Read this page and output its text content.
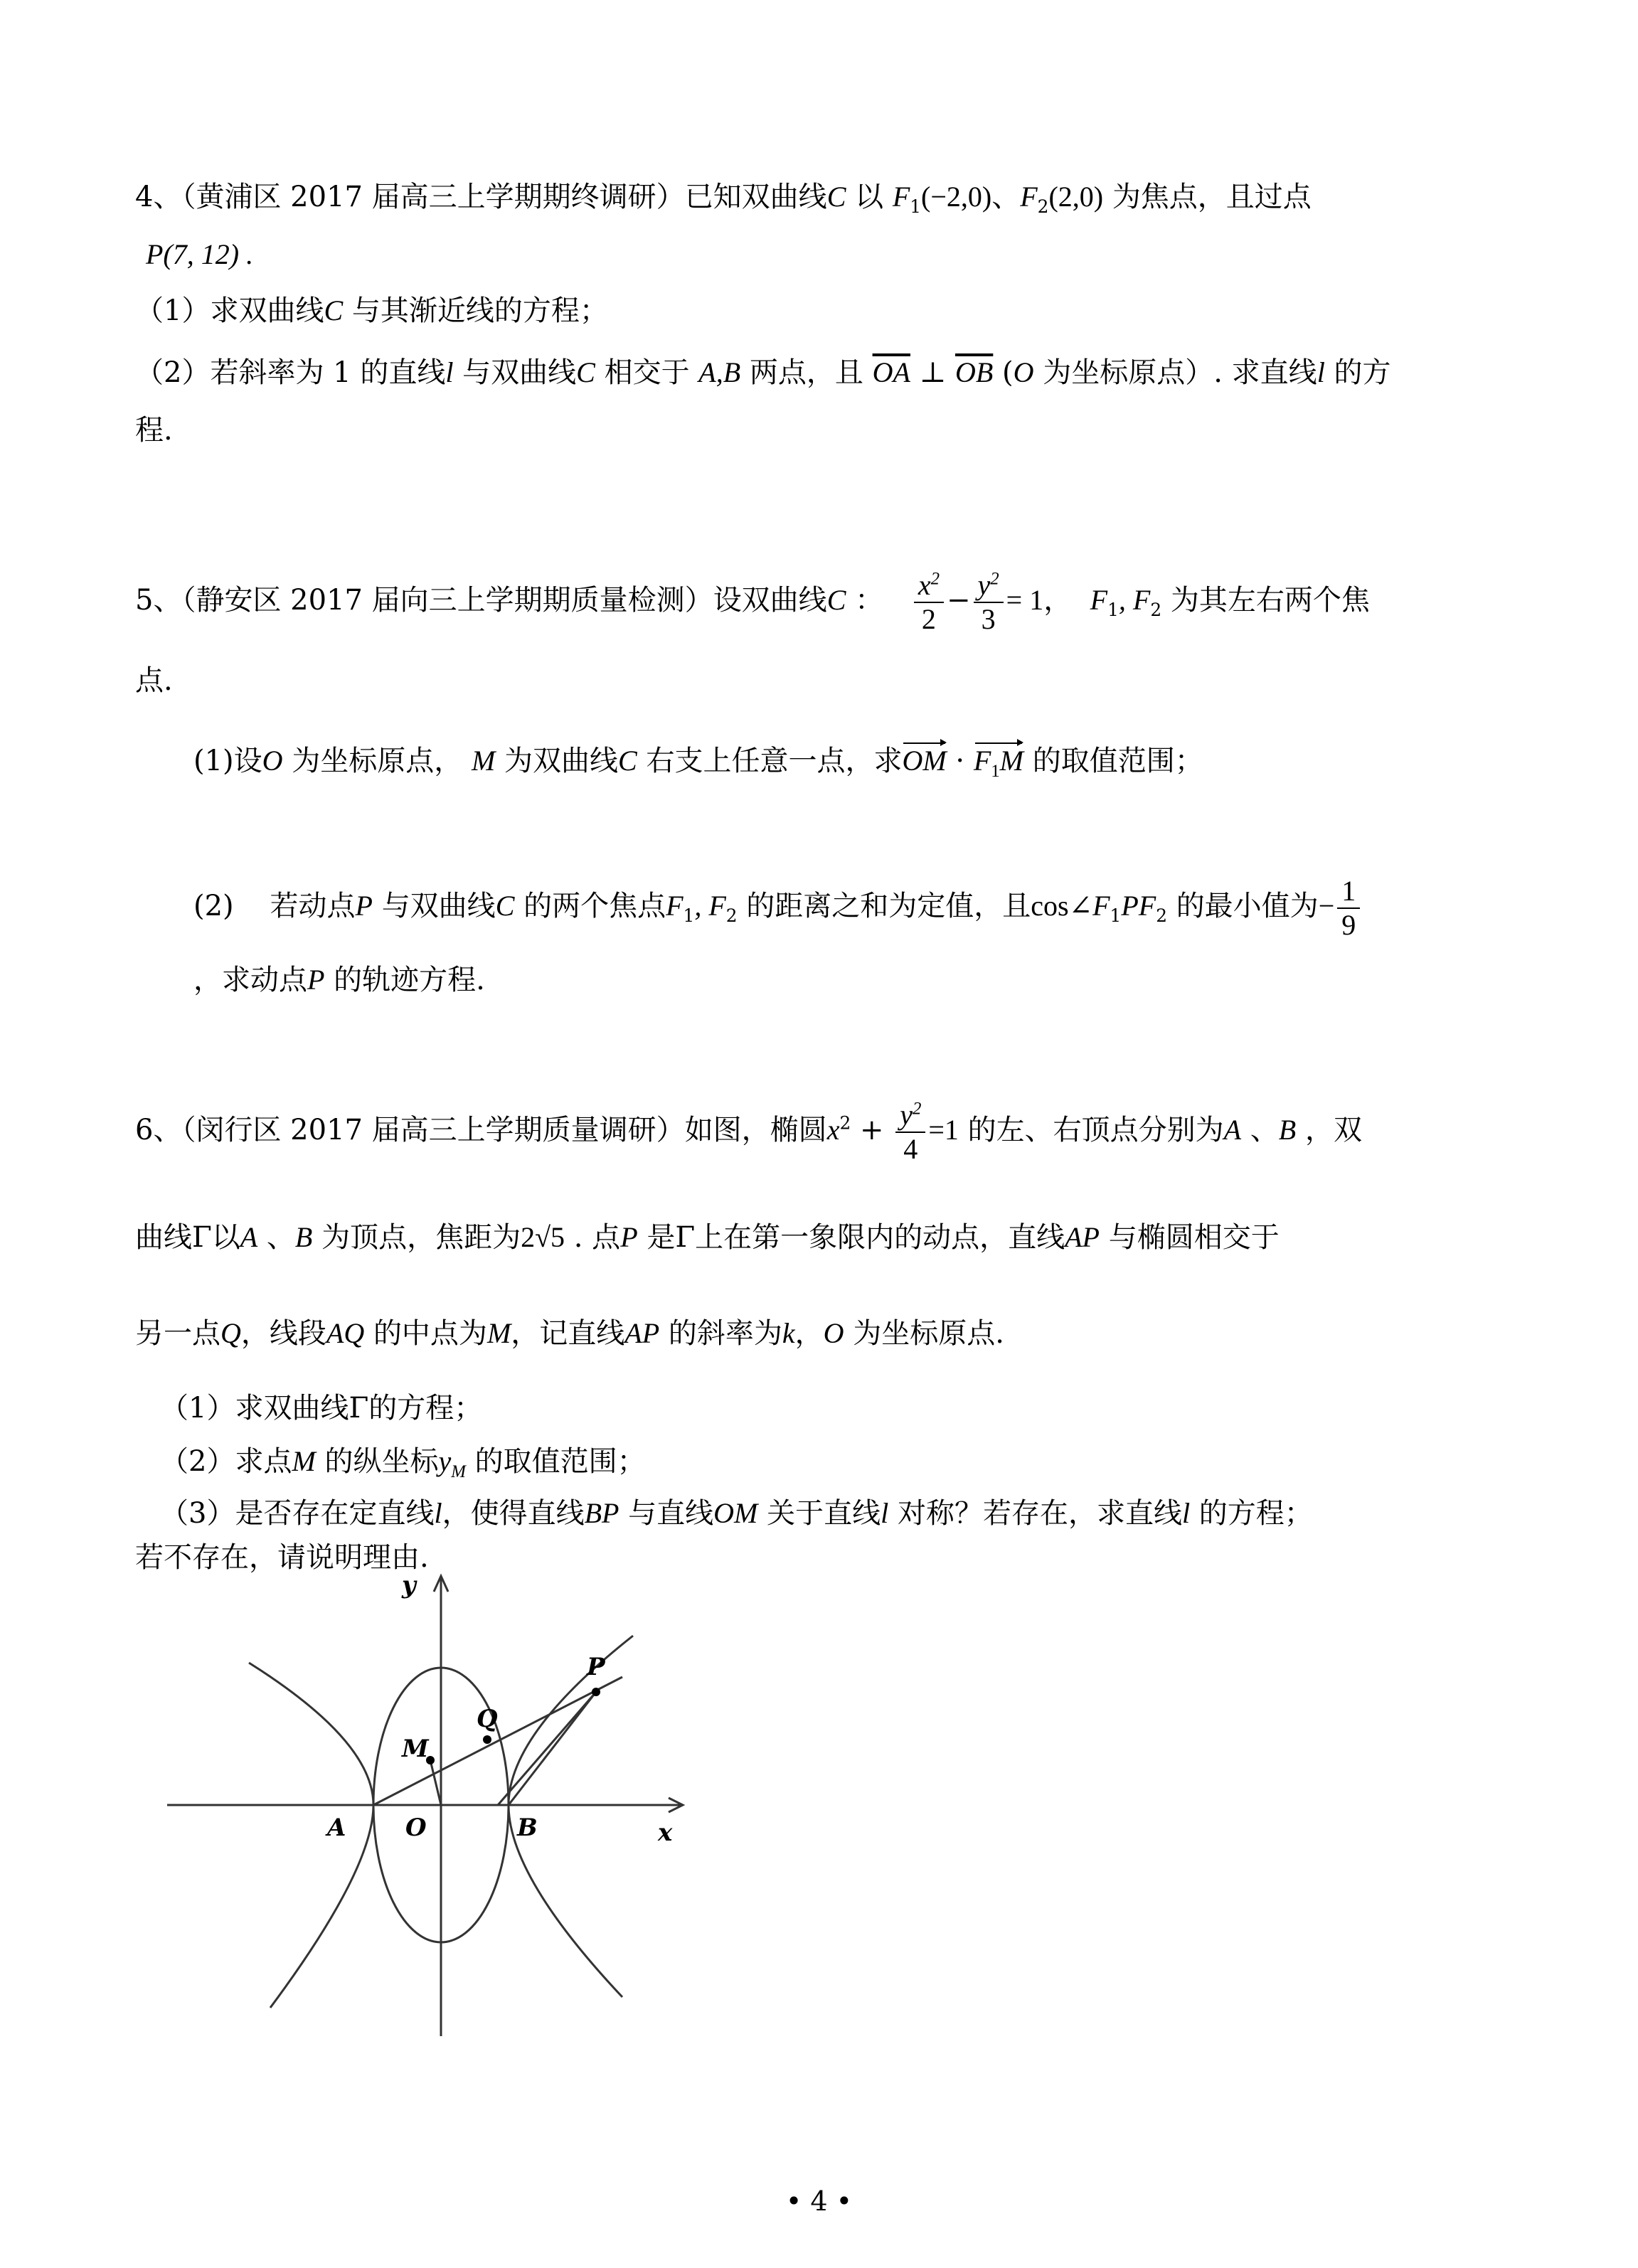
4、（黄浦区 2017 届高三上学期期终调研）已知双曲线C 以 $F_1(-2,0)$、$F_2(2,0)$ 为焦点，且过点
P(7, 12) .
（1）求双曲线C 与其渐近线的方程；
（2）若斜率为 1 的直线l 与双曲线C 相交于 A,B 两点，且 $\overline{OA}$ ⊥ $\overline{OB}$ (O 为坐标原点）. 求直线l 的方
程.
5、（静安区 2017 届向三上学期期质量检测）设双曲线C ： $\frac{x^2}{2} - \frac{y^2}{3} = 1$， $F_1$, $F_2$ 为其左右两个焦
点.
(1)设O 为坐标原点， M 为双曲线C 右支上任意一点，求OM · $F_1M$ 的取值范围；
(2) 若动点P 与双曲线C 的两个焦点$F_1$, $F_2$ 的距离之和为定值，且$\cos\angle F_1PF_2$ 的最小值为− $\frac{1}{9}$
，求动点P 的轨迹方程.
6、（闵行区 2017 届高三上学期质量调研）如图，椭圆$x^2 + \frac{y^2}{4} =1$ 的左、右顶点分别为A 、B ，双
曲线Γ以A 、B 为顶点，焦距为2√5 . 点P 是Γ上在第一象限内的动点，直线AP 与椭圆相交于
另一点Q，线段AQ 的中点为M，记直线AP 的斜率为k，O 为坐标原点.
（1）求双曲线Γ的方程；
（2）求点M 的纵坐标$y_M$ 的取值范围；
（3）是否存在定直线l，使得直线BP 与直线OM 关于直线l 对称？若存在，求直线l 的方程；
若不存在，请说明理由.
y
x
P
Q
M
A O	B
• 4 •
